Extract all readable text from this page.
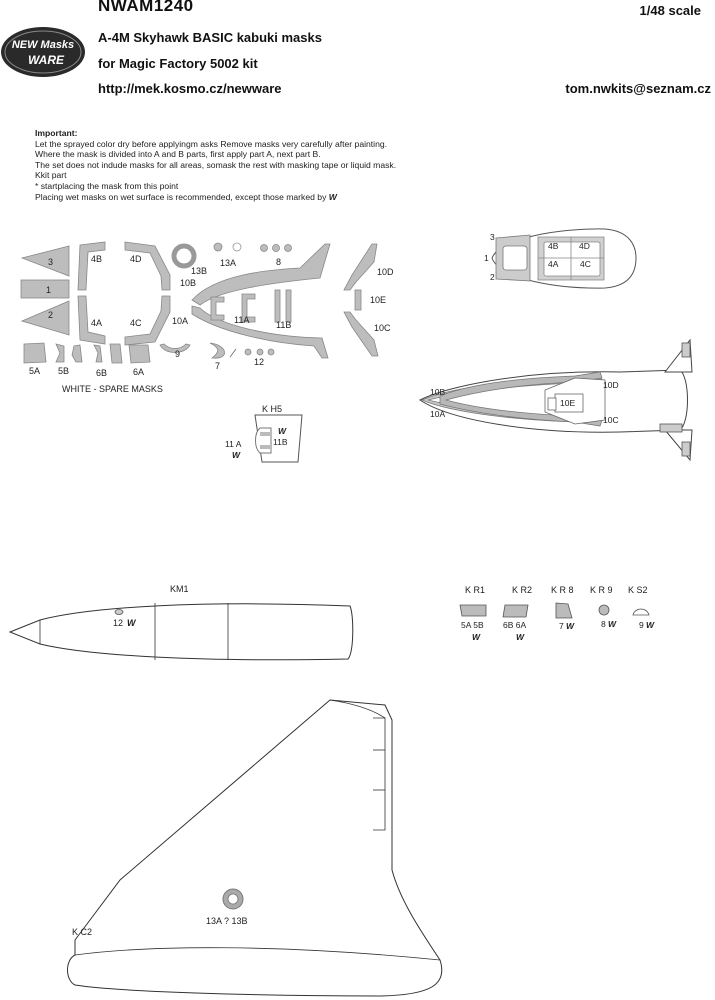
NWAM1240	1/48 scale
A-4M Skyhawk BASIC kabuki masks
for Magic Factory 5002 kit
http://mek.kosmo.cz/newware	tom.nwkits@seznam.cz
NEW Masks
WARE
Important:
Let the sprayed color dry before applyingm asks Remove masks very carefully after painting.
Where the mask is divided into A and B parts, first apply part A, next part B.
The set does not indude masks for all areas, somask the rest with masking tape or liquid mask.
Kkit part
* startplacing the mask from this point
Placing wet masks on wet surface is recommended, except those marked by W
3
1
2
4B	4D
4A	4C
13B
13A	8
10B
10A	11A	11B
10D
10E
10C
5A 5B	6B	6A
9
7	12
WHITE - SPARE MASKS
3
1
2
4B 4D
4A	4C
10B
10A
10D
10E
10C
K H5
11 A	11B
W
W
KM1
12 W
K R1
5A 5B
W
K R2
6B 6A
W
K R 8
7 W
K R 9
8 W
K S2
9 W
K C2
13A ? 13B
